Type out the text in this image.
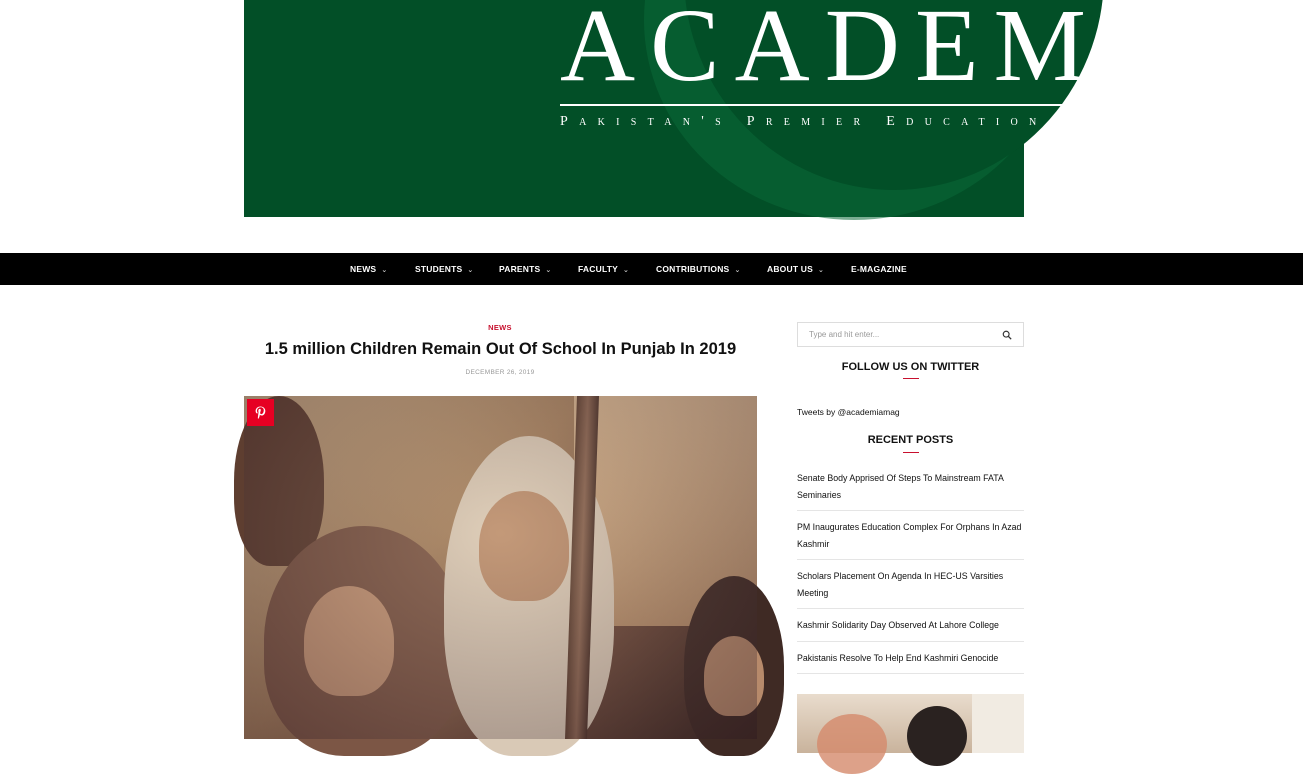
A C A D E M I A
Pakistan's Premier Education Magazine
NEWS ⌄	STUDENTS ⌄	PARENTS ⌄	FACULTY ⌄	CONTRIBUTIONS ⌄	ABOUT US ⌄	E-MAGAZINE
NEWS
1.5 million Children Remain Out Of School In Punjab In 2019
DECEMBER 26, 2019
Type and hit enter...	FOLLOW US ON TWITTER
Tweets by @academiamag
RECENT POSTS
Senate Body Apprised Of Steps To Mainstream FATA Seminaries
PM Inaugurates Education Complex For Orphans In Azad Kashmir
Scholars Placement On Agenda In HEC-US Varsities Meeting
Kashmir Solidarity Day Observed At Lahore College
Pakistanis Resolve To Help End Kashmiri Genocide
